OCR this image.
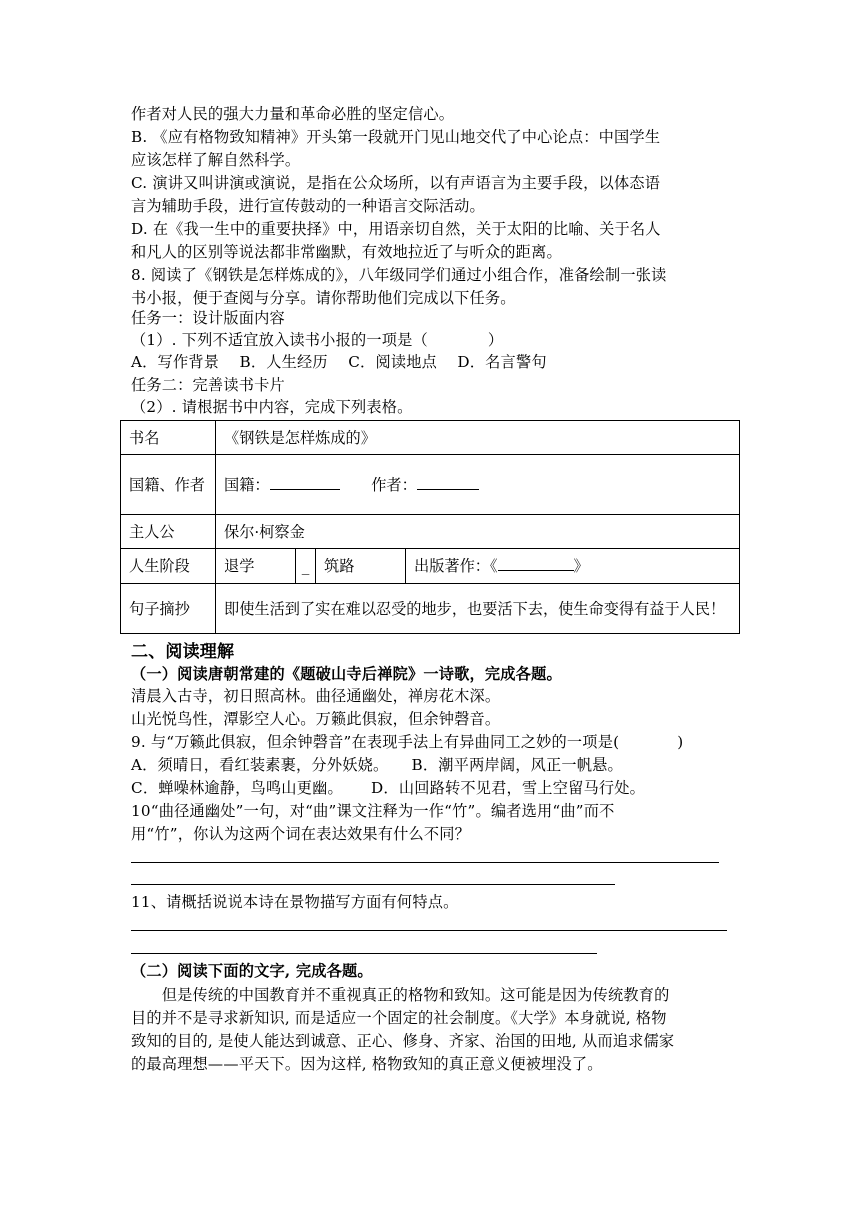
作者对人民的强大力量和革命必胜的坚定信心。
B. 《应有格物致知精神》开头第一段就开门见山地交代了中心论点：中国学生
应该怎样了解自然科学。
C. 演讲又叫讲演或演说，是指在公众场所，以有声语言为主要手段，以体态语
言为辅助手段，进行宣传鼓动的一种语言交际活动。
D. 在《我一生中的重要抉择》中，用语亲切自然，关于太阳的比喻、关于名人
和凡人的区别等说法都非常幽默，有效地拉近了与听众的距离。
8. 阅读了《钢铁是怎样炼成的》，八年级同学们通过小组合作，准备绘制一张读
书小报，便于查阅与分享。请你帮助他们完成以下任务。
任务一：设计版面内容
（1）. 下列不适宜放入读书小报的一项是（	）
A．写作背景　 B．人生经历　 C．阅读地点　 D．名言警句
任务二：完善读书卡片
（2）. 请根据书中内容，完成下列表格。
书名	《钢铁是怎样炼成的》			
国籍、作者	国籍： 作者：			
主人公	保尔·柯察金			
人生阶段	退学	_	筑路	出版著作：《 》
句子摘抄	即使生活到了实在难以忍受的地步，也要活下去，使生命变得有益于人民！			
二、阅读理解
（一）阅读唐朝常建的《题破山寺后禅院》一诗歌，完成各题。
清晨入古寺，初日照高林。曲径通幽处，禅房花木深。
山光悦鸟性，潭影空人心。万籁此俱寂，但余钟磬音。
9. 与“万籁此俱寂，但余钟磬音”在表现手法上有异曲同工之妙的一项是(	)
A．须晴日，看红装素裹，分外妖娆。　　B．潮平两岸阔，风正一帆悬。
C．蝉噪林逾静，鸟鸣山更幽。　　 D．山回路转不见君，雪上空留马行处。
10“曲径通幽处”一句，对“曲”课文注释为一作“竹”。编者选用“曲”而不
用“竹”，你认为这两个词在表达效果有什么不同？
11、请概括说说本诗在景物描写方面有何特点。
（二）阅读下面的文字, 完成各题。
　　但是传统的中国教育并不重视真正的格物和致知。这可能是因为传统教育的
目的并不是寻求新知识, 而是适应一个固定的社会制度。《大学》本身就说, 格物
致知的目的, 是使人能达到诚意、正心、修身、齐家、治国的田地, 从而追求儒家
的最高理想——平天下。因为这样, 格物致知的真正意义便被埋没了。
